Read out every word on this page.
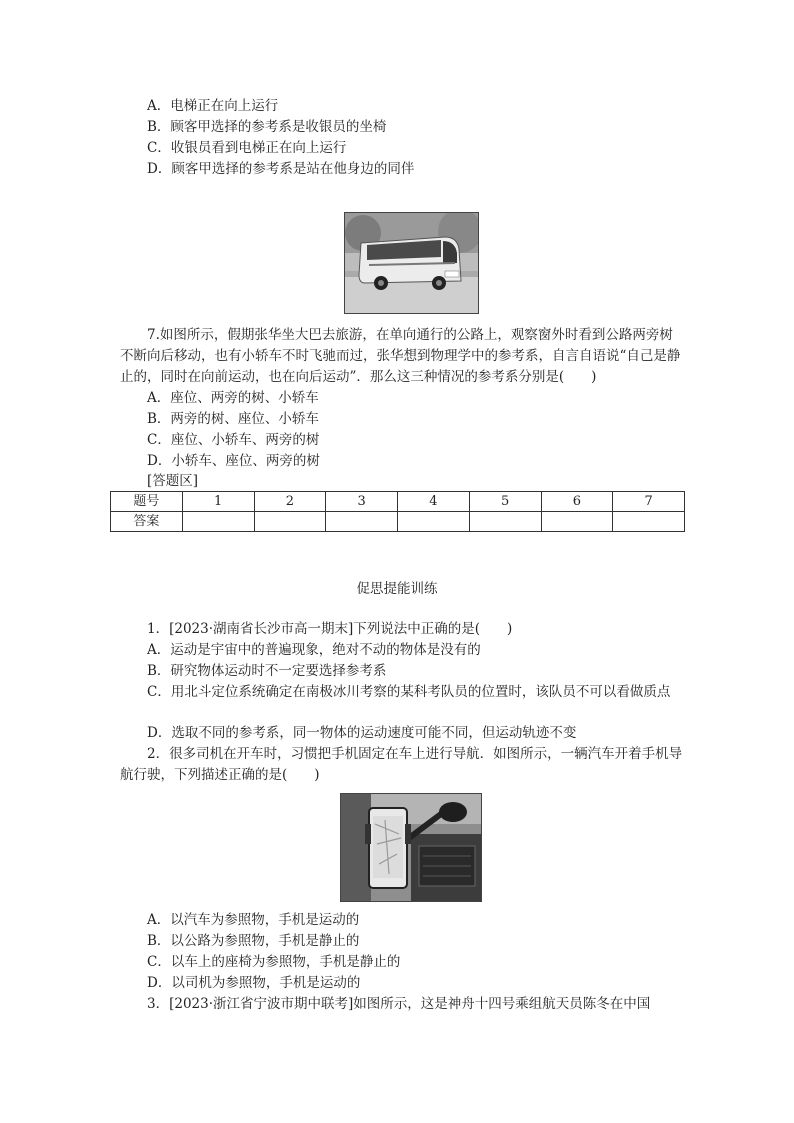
A．电梯正在向上运行
B．顾客甲选择的参考系是收银员的坐椅
C．收银员看到电梯正在向上运行
D．顾客甲选择的参考系是站在他身边的同伴
7.如图所示，假期张华坐大巴去旅游，在单向通行的公路上，观察窗外时看到公路两旁树不断向后移动，也有小轿车不时飞驰而过，张华想到物理学中的参考系，自言自语说“自己是静止的，同时在向前运动，也在向后运动”．那么这三种情况的参考系分别是(　　)
A．座位、两旁的树、小轿车
B．两旁的树、座位、小轿车
C．座位、小轿车、两旁的树
D．小轿车、座位、两旁的树
[答题区]
题号	1	2	3	4	5	6	7
答案							
促思提能训练
1．[2023·湖南省长沙市高一期末]下列说法中正确的是(　　)
A．运动是宇宙中的普遍现象，绝对不动的物体是没有的
B．研究物体运动时不一定要选择参考系
C．用北斗定位系统确定在南极冰川考察的某科考队员的位置时，该队员不可以看做质点
D．选取不同的参考系，同一物体的运动速度可能不同，但运动轨迹不变
2．很多司机在开车时，习惯把手机固定在车上进行导航．如图所示，一辆汽车开着手机导航行驶，下列描述正确的是(　　)
A．以汽车为参照物，手机是运动的
B．以公路为参照物，手机是静止的
C．以车上的座椅为参照物，手机是静止的
D．以司机为参照物，手机是运动的
3．[2023·浙江省宁波市期中联考]如图所示，这是神舟十四号乘组航天员陈冬在中国
